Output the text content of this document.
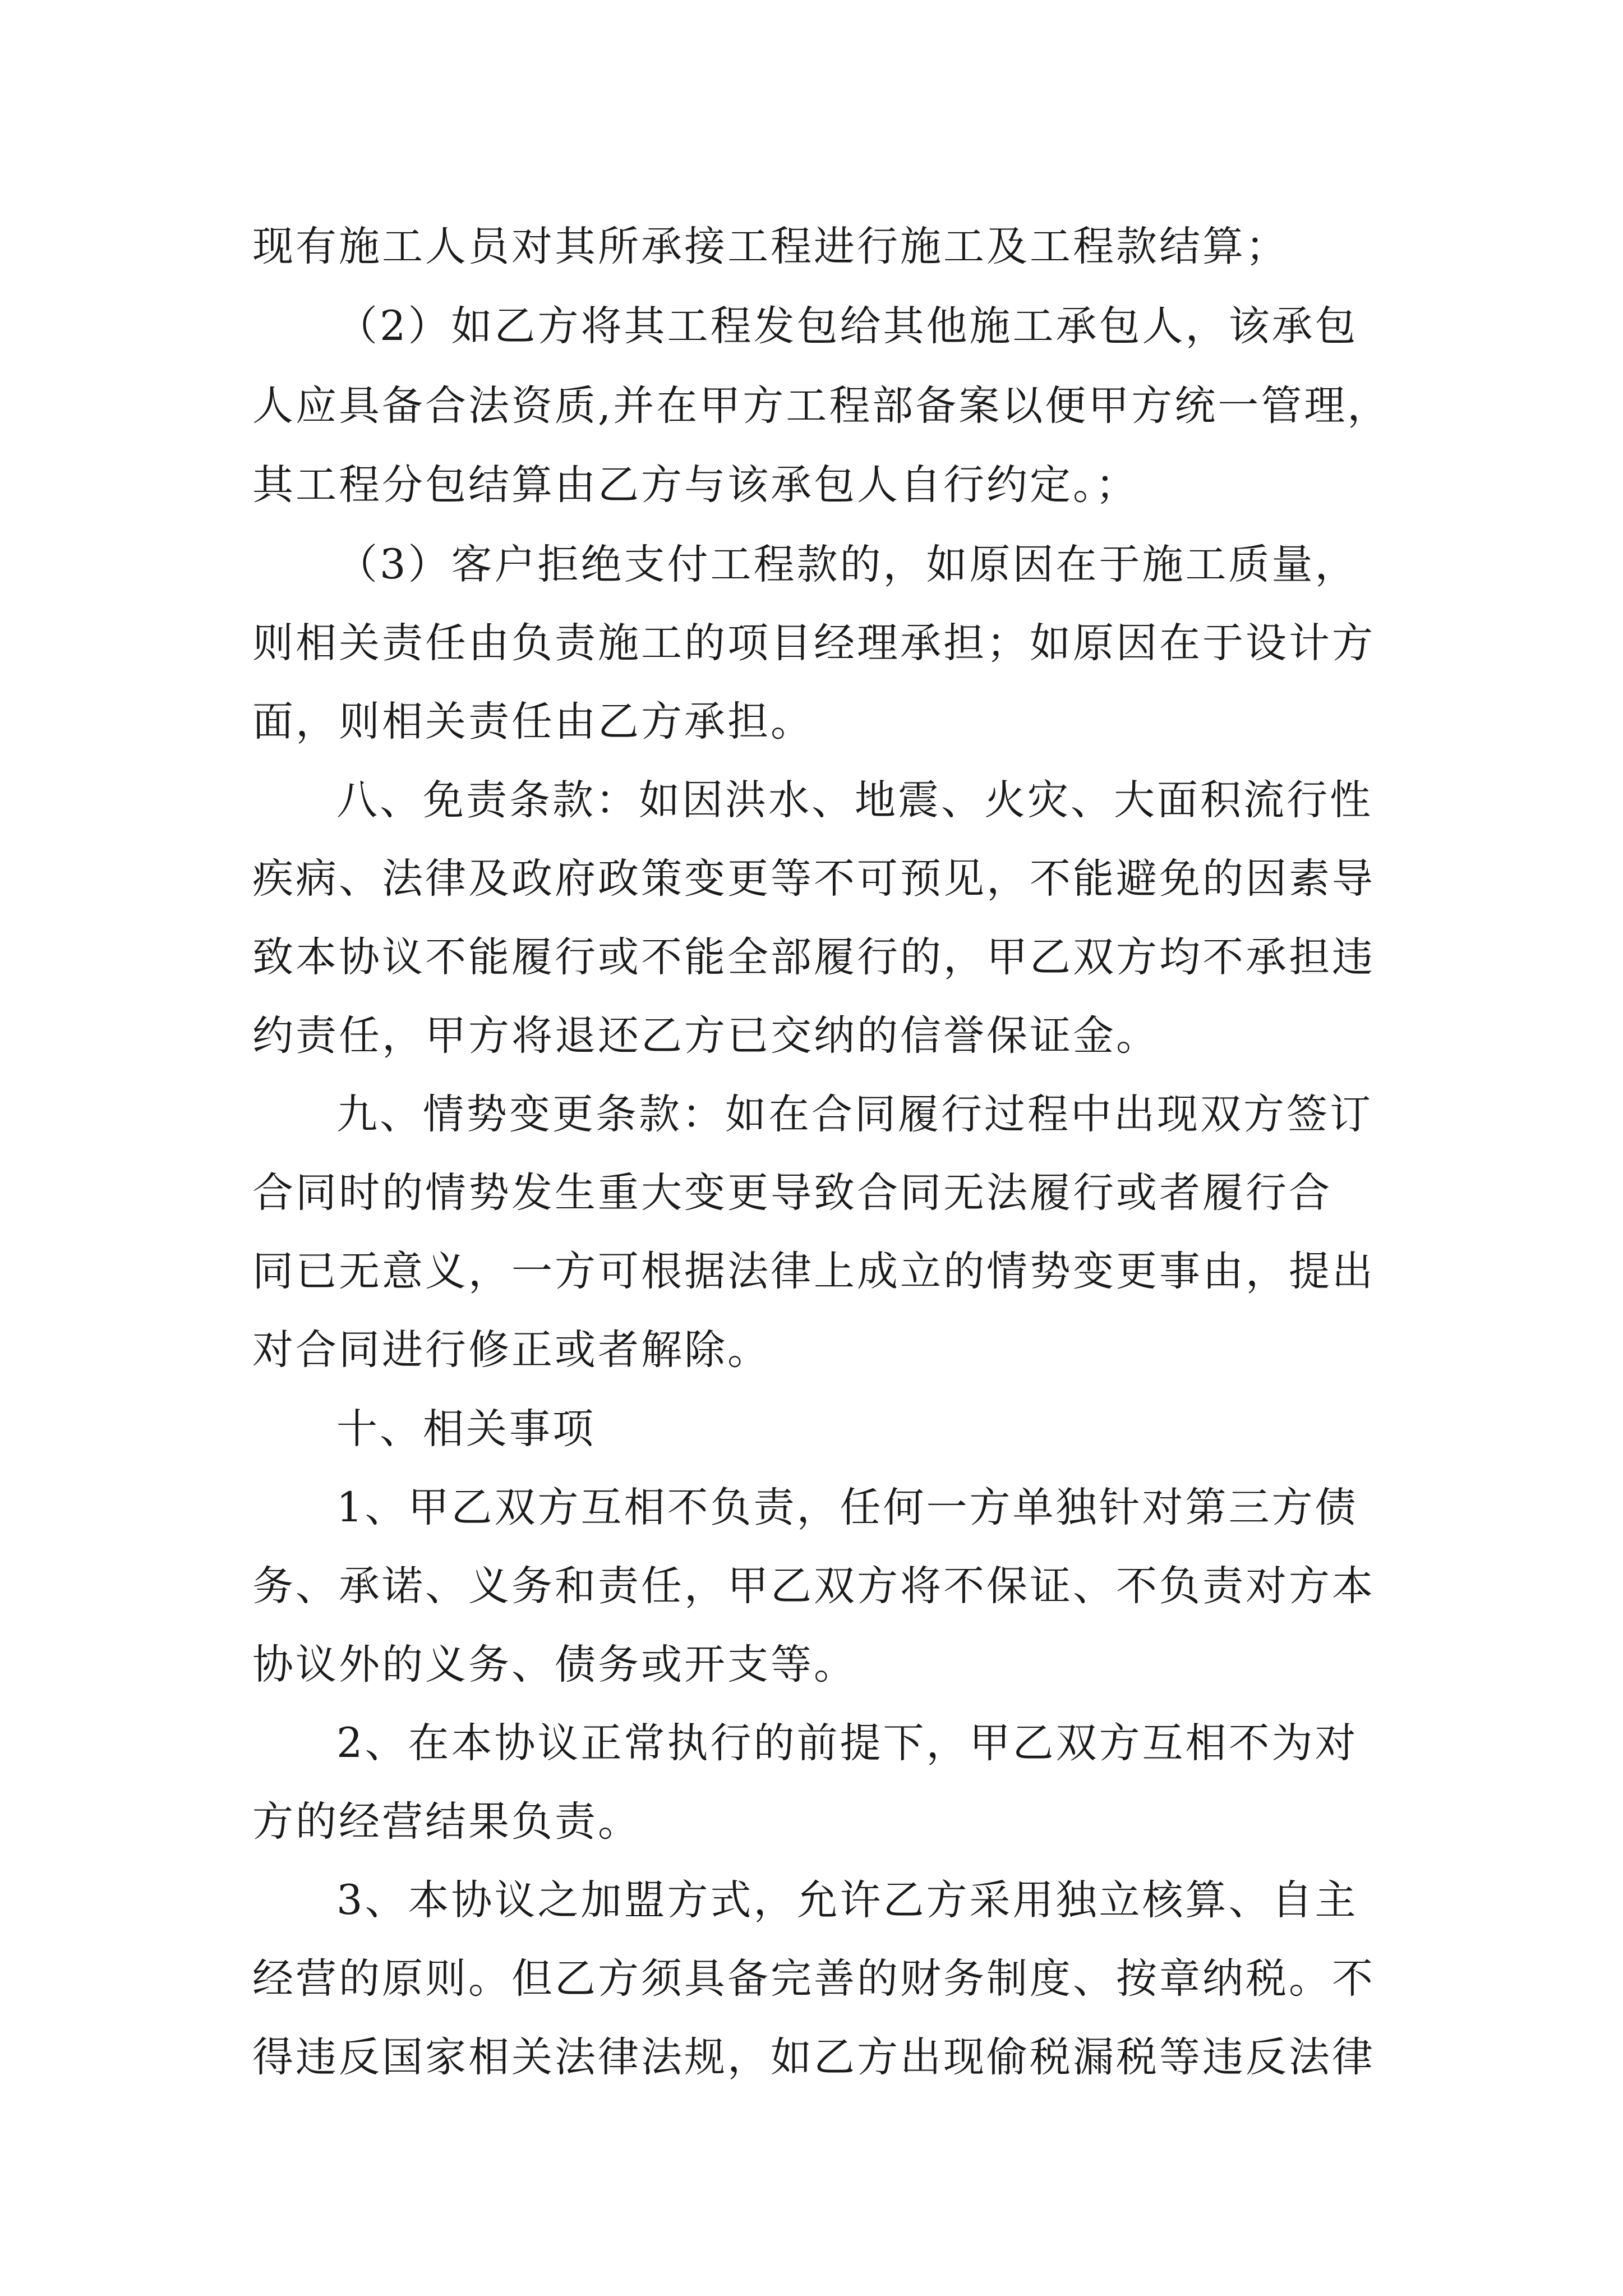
现有施工人员对其所承接工程进行施工及工程款结算；

（2）如乙方将其工程发包给其他施工承包人，该承包

人应具备合法资质,并在甲方工程部备案以便甲方统一管理，

其工程分包结算由乙方与该承包人自行约定。；

（3）客户拒绝支付工程款的，如原因在于施工质量，

则相关责任由负责施工的项目经理承担；如原因在于设计方

面，则相关责任由乙方承担。

八、免责条款：如因洪水、地震、火灾、大面积流行性

疾病、法律及政府政策变更等不可预见，不能避免的因素导

致本协议不能履行或不能全部履行的，甲乙双方均不承担违

约责任，甲方将退还乙方已交纳的信誉保证金。

九、情势变更条款：如在合同履行过程中出现双方签订

合同时的情势发生重大变更导致合同无法履行或者履行合

同已无意义，一方可根据法律上成立的情势变更事由，提出

对合同进行修正或者解除。

十、相关事项

1、甲乙双方互相不负责，任何一方单独针对第三方债

务、承诺、义务和责任，甲乙双方将不保证、不负责对方本

协议外的义务、债务或开支等。

2、在本协议正常执行的前提下，甲乙双方互相不为对

方的经营结果负责。

3、本协议之加盟方式，允许乙方采用独立核算、自主

经营的原则。但乙方须具备完善的财务制度、按章纳税。不

得违反国家相关法律法规，如乙方出现偷税漏税等违反法律
